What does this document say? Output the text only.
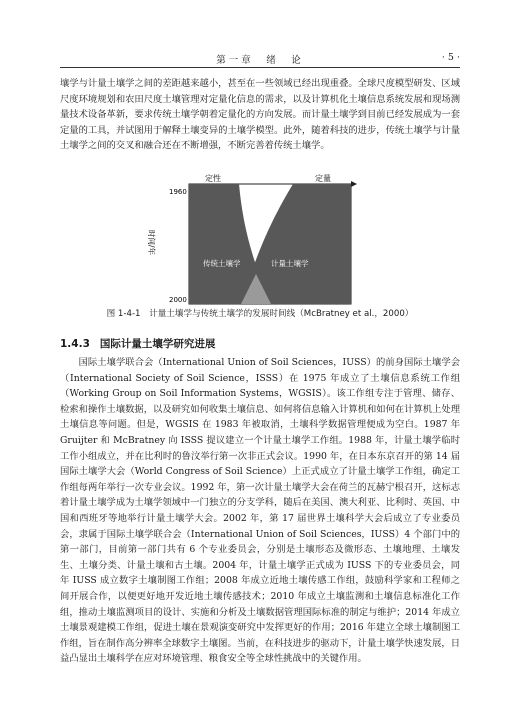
第一章　绪　论	· 5 ·

壤学与计量土壤学之间的差距越来越小，甚至在一些领域已经出现重叠。全球尺度模型研发、区域尺度环境规划和农田尺度土壤管理对定量化信息的需求，以及计算机化土壤信息系统发展和现场测量技术设备革新，要求传统土壤学朝着定量化的方向发展。而计量土壤学到目前已经发展成为一套定量的工具，并试图用于解释土壤变异的土壤学模型。此外，随着科技的进步，传统土壤学与计量土壤学之间的交叉和融合还在不断增强，不断完善着传统土壤学。

定性	定量
传统土壤学	计量土壤学
1960
2000
时间/年
图 1-4-1　计量土壤学与传统土壤学的发展时间线（McBratney et al.，2000）
1.4.3 国际计量土壤学研究进展

国际土壤学联合会（International Union of Soil Sciences，IUSS）的前身国际土壤学会（International Society of Soil Science，ISSS）在 1975 年成立了土壤信息系统工作组（Working Group on Soil Information Systems，WGSIS）。该工作组专注于管理、储存、检索和操作土壤数据，以及研究如何收集土壤信息、如何将信息输入计算机和如何在计算机上处理土壤信息等问题。但是，WGSIS 在 1983 年被取消，土壤科学数据管理便成为空白。1987 年 Gruijter 和 McBratney 向 ISSS 提议建立一个计量土壤学工作组。1988 年，计量土壤学临时工作小组成立，并在比利时的鲁汶举行第一次非正式会议。1990 年，在日本东京召开的第 14 届国际土壤学大会（World Congress of Soil Science）上正式成立了计量土壤学工作组，确定工作组每两年举行一次专业会议。1992 年，第一次计量土壤学大会在荷兰的瓦赫宁根召开，这标志着计量土壤学成为土壤学领域中一门独立的分支学科，随后在美国、澳大利亚、比利时、英国、中国和西班牙等地举行计量土壤学大会。2002 年，第 17 届世界土壤科学大会后成立了专业委员会，隶属于国际土壤学联合会（International Union of Soil Sciences，IUSS）4 个部门中的第一部门，目前第一部门共有 6 个专业委员会，分别是土壤形态及微形态、土壤地理、土壤发生、土壤分类、计量土壤和古土壤。2004 年，计量土壤学正式成为 IUSS 下的专业委员会，同年 IUSS 成立数字土壤制图工作组；2008 年成立近地土壤传感工作组，鼓励科学家和工程师之间开展合作，以便更好地开发近地土壤传感技术；2010 年成立土壤监测和土壤信息标准化工作组，推动土壤监测项目的设计、实施和分析及土壤数据管理国际标准的制定与维护；2014 年成立土壤景观建模工作组，促进土壤在景观演变研究中发挥更好的作用；2016 年建立全球土壤制图工作组，旨在制作高分辨率全球数字土壤图。当前，在科技进步的驱动下，计量土壤学快速发展，日益凸显出土壤科学在应对环境管理、粮食安全等全球性挑战中的关键作用。
